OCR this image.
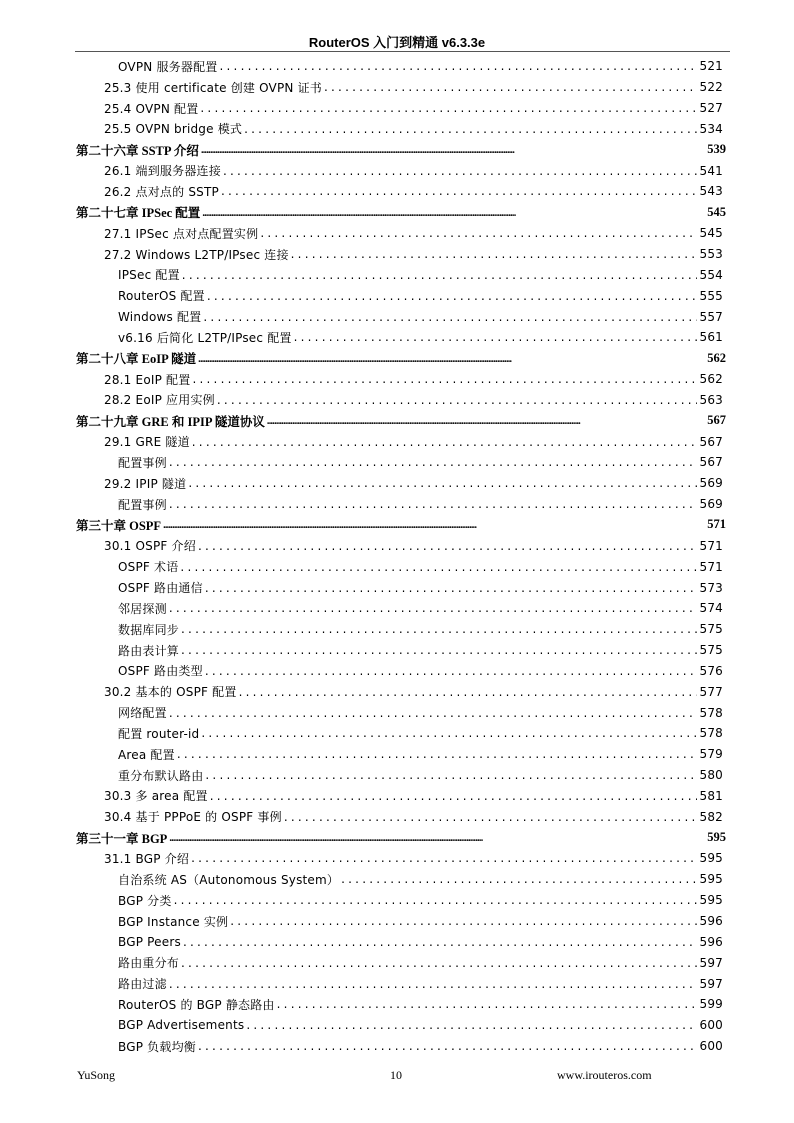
RouterOS 入门到精通 v6.3.3e
OVPN 服务器配置 . . .	521
25.3 使用 certificate 创建 OVPN 证书 . . .	522
25.4 OVPN 配置 . . .	527
25.5 OVPN bridge 模式 . . .	534
第二十六章 SSTP 介绍 . . .	539
26.1 端到服务器连接 . . .	541
26.2 点对点的 SSTP . . .	543
第二十七章 IPSec 配置 . . .	545
27.1 IPSec 点对点配置实例 . . .	545
27.2 Windows L2TP/IPsec 连接 . . .	553
IPSec 配置 . . .	554
RouterOS 配置 . . .	555
Windows 配置 . . .	557
v6.16 后简化 L2TP/IPsec 配置 . . .	561
第二十八章 EoIP 隧道 . . .	562
28.1 EoIP 配置 . . .	562
28.2 EoIP 应用实例 . . .	563
第二十九章 GRE 和 IPIP 隧道协议 . . .	567
29.1 GRE 隧道 . . .	567
配置事例 . . .	567
29.2 IPIP 隧道 . . .	569
配置事例 . . .	569
第三十章 OSPF . . .	571
30.1 OSPF 介绍 . . .	571
OSPF 术语 . . .	571
OSPF 路由通信 . . .	573
邻居探测 . . .	574
数据库同步 . . .	575
路由表计算 . . .	575
OSPF 路由类型 . . .	576
30.2 基本的 OSPF 配置 . . .	577
网络配置 . . .	578
配置 router-id . . .	578
Area 配置 . . .	579
重分布默认路由 . . .	580
30.3 多 area 配置 . . .	581
30.4 基于 PPPoE 的 OSPF 事例 . . .	582
第三十一章 BGP . . .	595
31.1 BGP 介绍 . . .	595
自治系统 AS（Autonomous System） . . .	595
BGP 分类 . . .	595
BGP Instance 实例 . . .	596
BGP Peers . . .	596
路由重分布 . . .	597
路由过滤 . . .	597
RouterOS 的 BGP 静态路由 . . .	599
BGP Advertisements . . .	600
BGP 负载均衡 . . .	600
YuSong	10	www.irouteros.com
